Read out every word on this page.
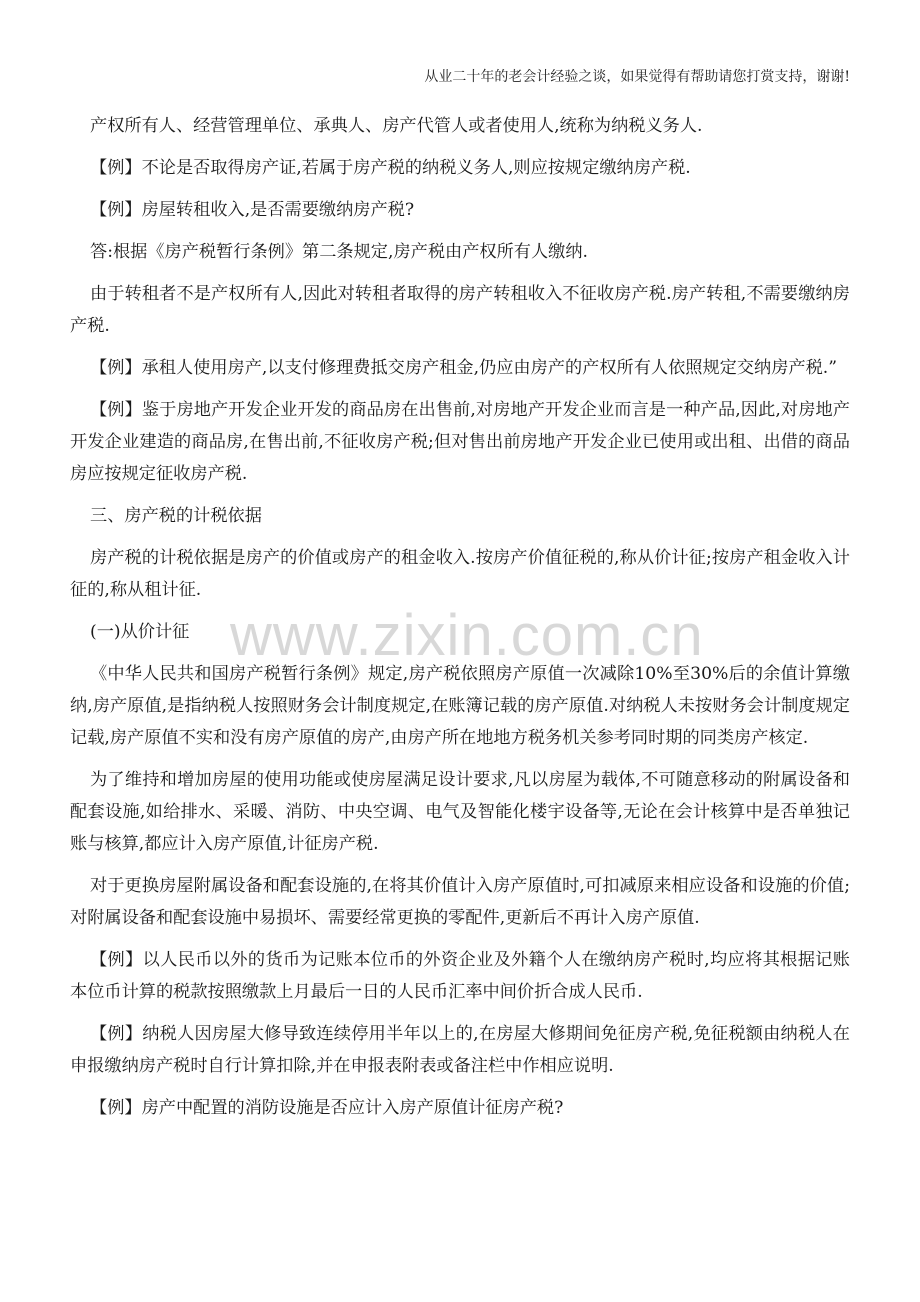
从业二十年的老会计经验之谈，如果觉得有帮助请您打赏支持，谢谢!
www.zixin.com.cn

产权所有人、经营管理单位、承典人、房产代管人或者使用人,统称为纳税义务人.

【例】不论是否取得房产证,若属于房产税的纳税义务人,则应按规定缴纳房产税.

【例】房屋转租收入,是否需要缴纳房产税?

答:根据《房产税暂行条例》第二条规定,房产税由产权所有人缴纳.

由于转租者不是产权所有人,因此对转租者取得的房产转租收入不征收房产税.房产转租,不需要缴纳房产税.

【例】承租人使用房产,以支付修理费抵交房产租金,仍应由房产的产权所有人依照规定交纳房产税.”

【例】鉴于房地产开发企业开发的商品房在出售前,对房地产开发企业而言是一种产品,因此,对房地产开发企业建造的商品房,在售出前,不征收房产税;但对售出前房地产开发企业已使用或出租、出借的商品房应按规定征收房产税.

三、房产税的计税依据

房产税的计税依据是房产的价值或房产的租金收入.按房产价值征税的,称从价计征;按房产租金收入计征的,称从租计征.

(一)从价计征

《中华人民共和国房产税暂行条例》规定,房产税依照房产原值一次减除10%至30%后的余值计算缴纳,房产原值,是指纳税人按照财务会计制度规定,在账簿记载的房产原值.对纳税人未按财务会计制度规定记载,房产原值不实和没有房产原值的房产,由房产所在地地方税务机关参考同时期的同类房产核定.

为了维持和增加房屋的使用功能或使房屋满足设计要求,凡以房屋为载体,不可随意移动的附属设备和配套设施,如给排水、采暖、消防、中央空调、电气及智能化楼宇设备等,无论在会计核算中是否单独记账与核算,都应计入房产原值,计征房产税.

对于更换房屋附属设备和配套设施的,在将其价值计入房产原值时,可扣减原来相应设备和设施的价值;对附属设备和配套设施中易损坏、需要经常更换的零配件,更新后不再计入房产原值.

【例】以人民币以外的货币为记账本位币的外资企业及外籍个人在缴纳房产税时,均应将其根据记账本位币计算的税款按照缴款上月最后一日的人民币汇率中间价折合成人民币.

【例】纳税人因房屋大修导致连续停用半年以上的,在房屋大修期间免征房产税,免征税额由纳税人在申报缴纳房产税时自行计算扣除,并在申报表附表或备注栏中作相应说明.

【例】房产中配置的消防设施是否应计入房产原值计征房产税?
